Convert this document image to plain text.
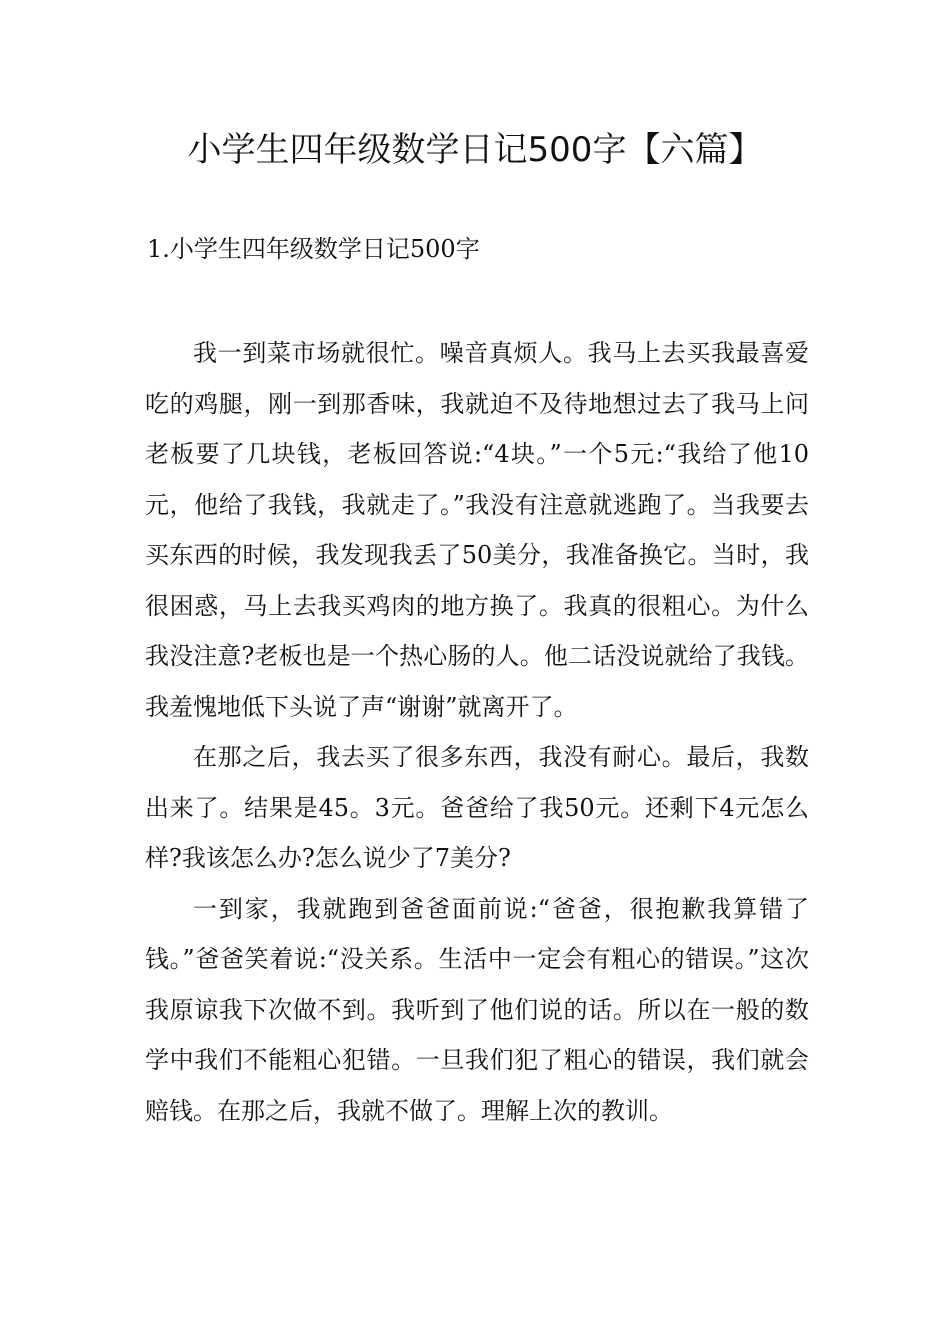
小学生四年级数学日记500字【六篇】
1.小学生四年级数学日记500字

我一到菜市场就很忙。噪音真烦人。我马上去买我最喜爱吃的鸡腿，刚一到那香味，我就迫不及待地想过去了我马上问老板要了几块钱，老板回答说:“4块。”一个5元:“我给了他10元，他给了我钱，我就走了。”我没有注意就逃跑了。当我要去买东西的时候，我发现我丢了50美分，我准备换它。当时，我很困惑，马上去我买鸡肉的地方换了。我真的很粗心。为什么我没注意?老板也是一个热心肠的人。他二话没说就给了我钱。我羞愧地低下头说了声“谢谢”就离开了。

在那之后，我去买了很多东西，我没有耐心。最后，我数出来了。结果是45。3元。爸爸给了我50元。还剩下4元怎么样?我该怎么办?怎么说少了7美分?

一到家，我就跑到爸爸面前说:“爸爸，很抱歉我算错了钱。”爸爸笑着说:“没关系。生活中一定会有粗心的错误。”这次我原谅我下次做不到。我听到了他们说的话。所以在一般的数学中我们不能粗心犯错。一旦我们犯了粗心的错误，我们就会赔钱。在那之后，我就不做了。理解上次的教训。
